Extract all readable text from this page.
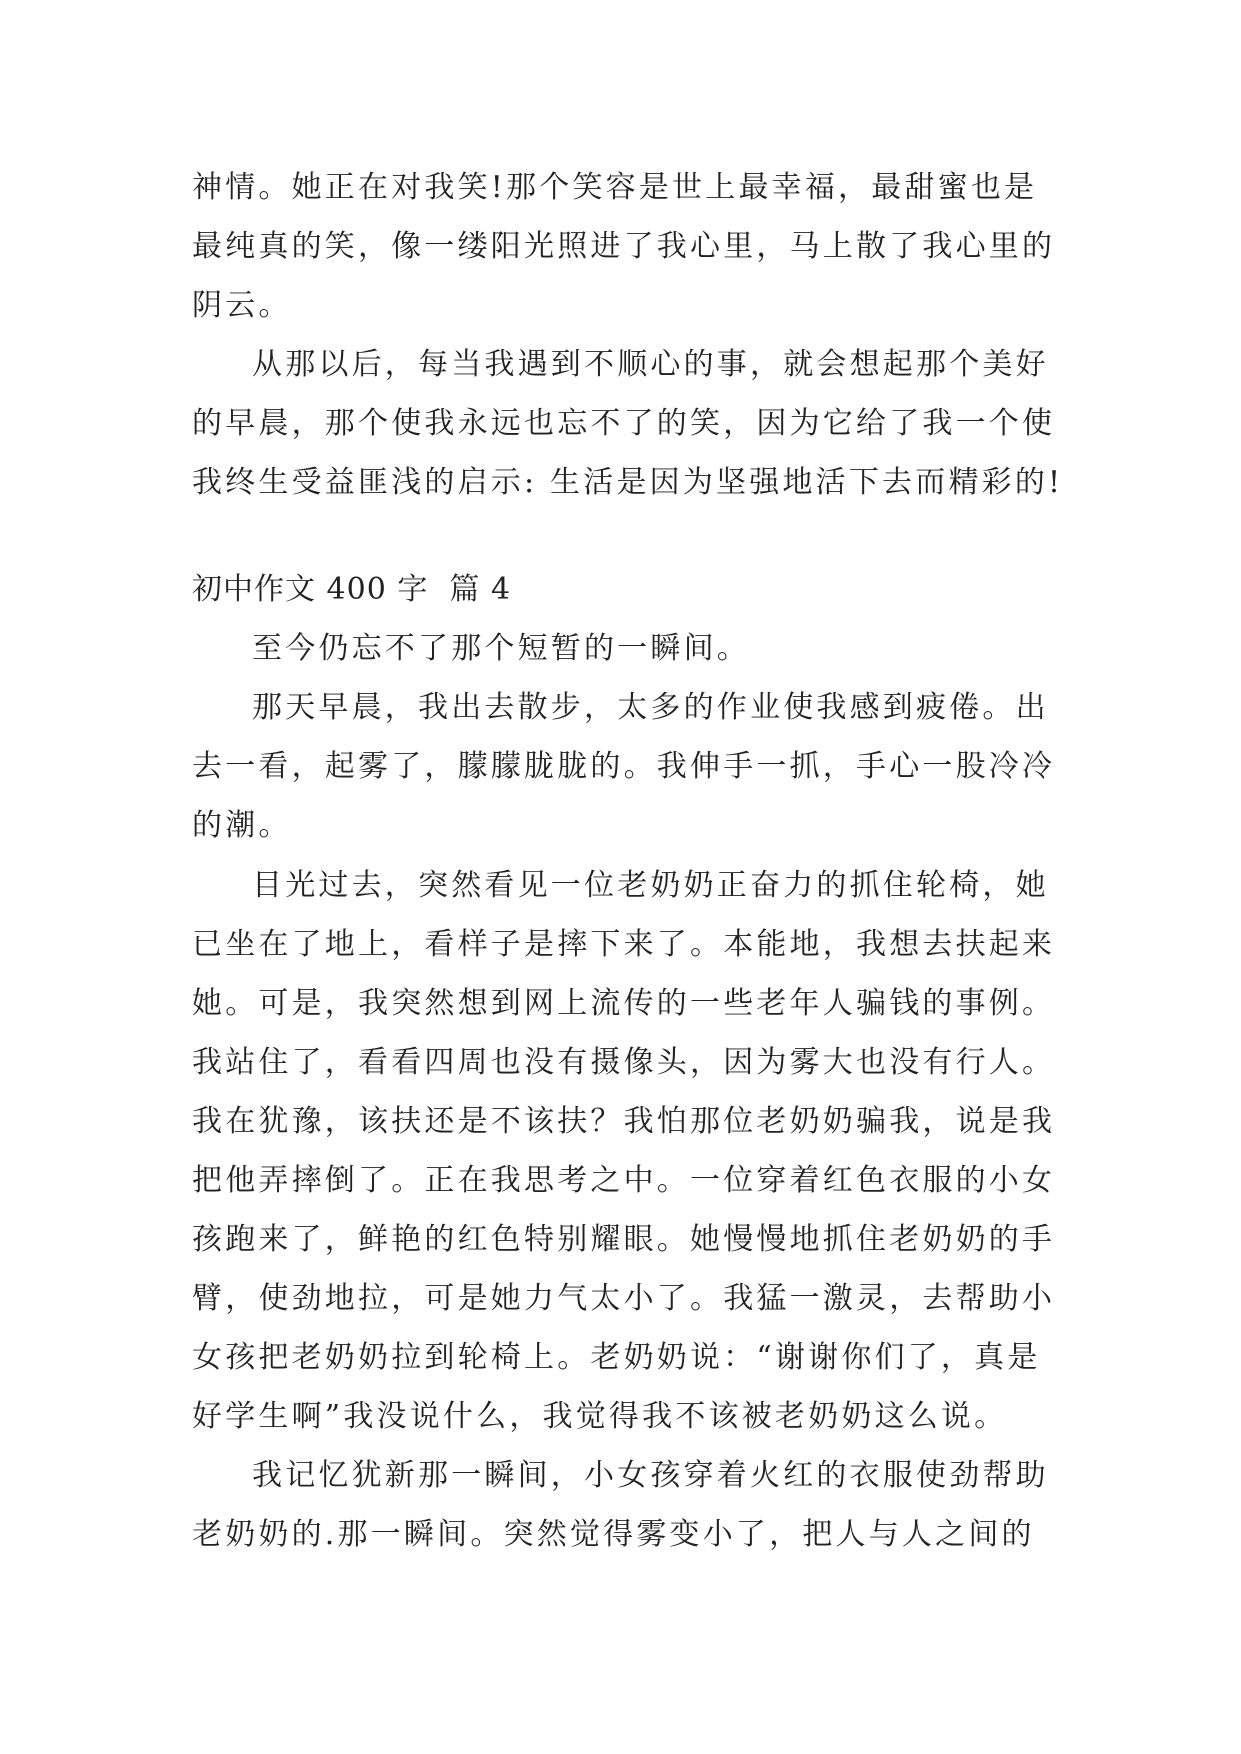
神情。她正在对我笑!那个笑容是世上最幸福，最甜蜜也是
最纯真的笑，像一缕阳光照进了我心里，马上散了我心里的
阴云。
从那以后，每当我遇到不顺心的事，就会想起那个美好
的早晨，那个使我永远也忘不了的笑，因为它给了我一个使
我终生受益匪浅的启示: 生活是因为坚强地活下去而精彩的!
初中作文 400 字  篇 4
至今仍忘不了那个短暂的一瞬间。
那天早晨，我出去散步，太多的作业使我感到疲倦。出
去一看，起雾了，朦朦胧胧的。我伸手一抓，手心一股冷冷
的潮。
目光过去，突然看见一位老奶奶正奋力的抓住轮椅，她
已坐在了地上，看样子是摔下来了。本能地，我想去扶起来
她。可是，我突然想到网上流传的一些老年人骗钱的事例。
我站住了，看看四周也没有摄像头，因为雾大也没有行人。
我在犹豫，该扶还是不该扶？我怕那位老奶奶骗我，说是我
把他弄摔倒了。正在我思考之中。一位穿着红色衣服的小女
孩跑来了，鲜艳的红色特别耀眼。她慢慢地抓住老奶奶的手
臂，使劲地拉，可是她力气太小了。我猛一激灵，去帮助小
女孩把老奶奶拉到轮椅上。老奶奶说：“谢谢你们了，真是
好学生啊”我没说什么，我觉得我不该被老奶奶这么说。
我记忆犹新那一瞬间，小女孩穿着火红的衣服使劲帮助
老奶奶的.那一瞬间。突然觉得雾变小了，把人与人之间的
